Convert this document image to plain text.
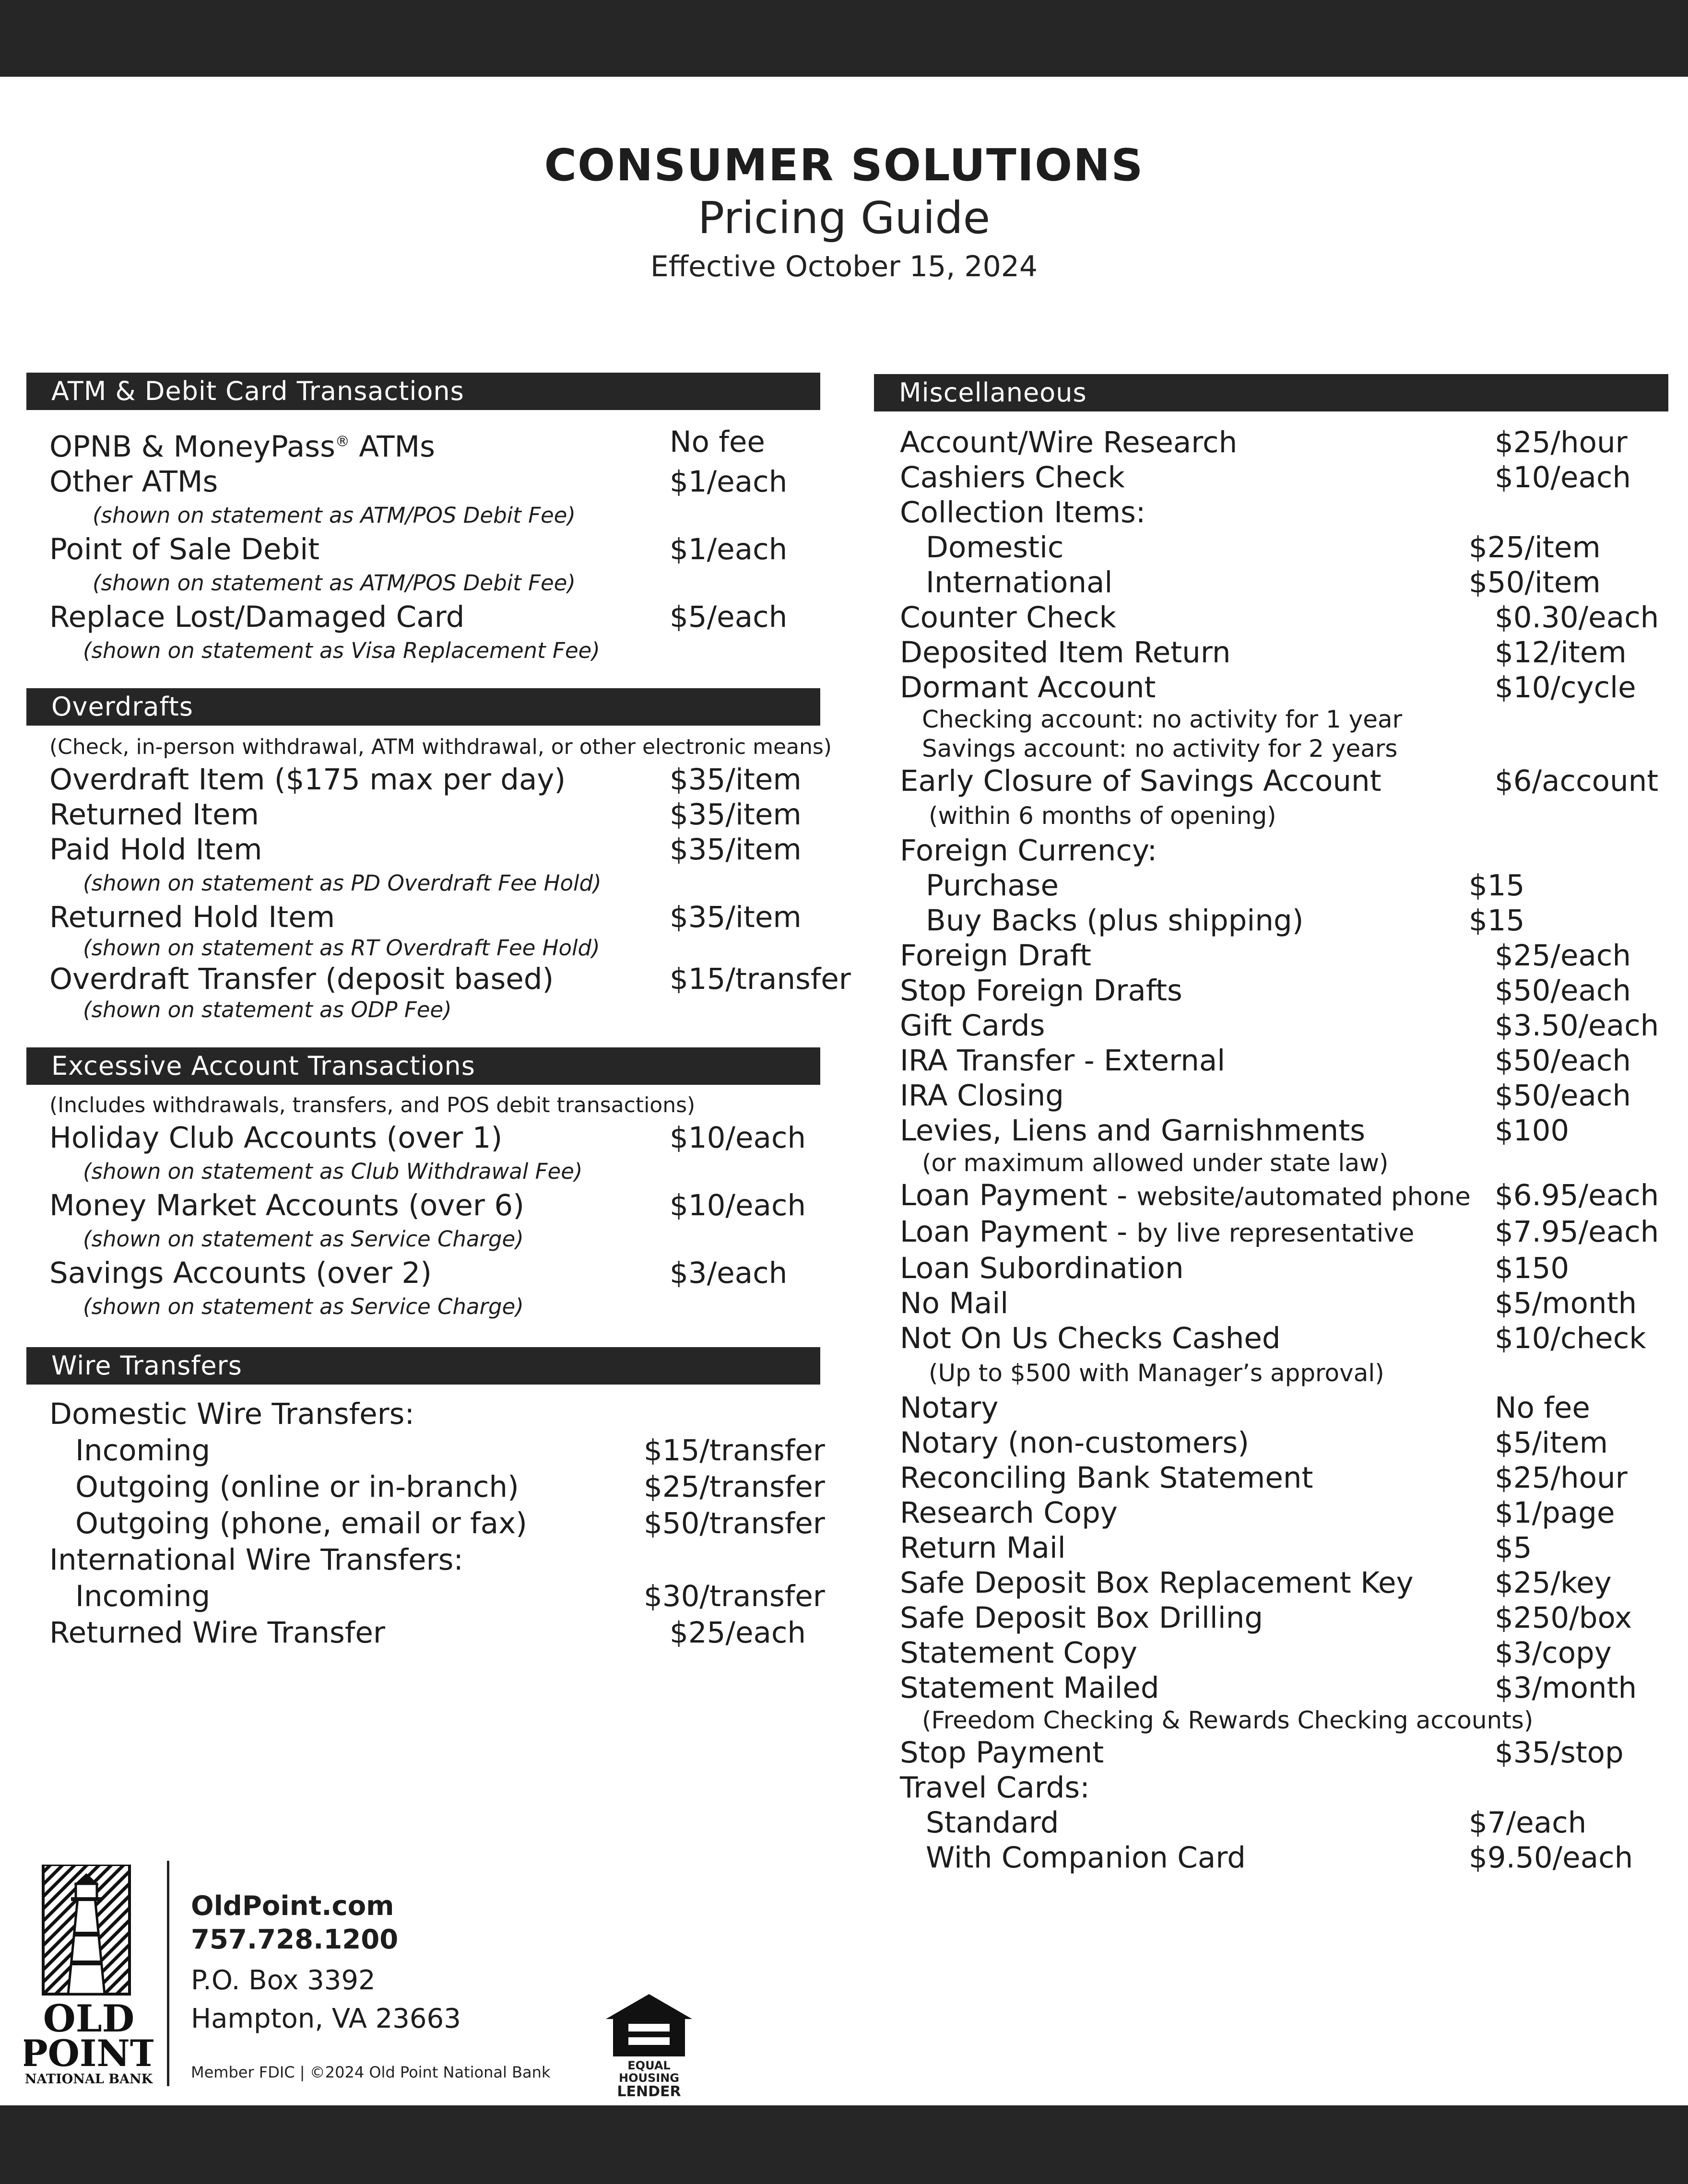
CONSUMER SOLUTIONS
Pricing Guide
Effective October 15, 2024
ATM & Debit Card Transactions
OPNB & MoneyPass® ATMs	No fee
Other ATMs	$1/each
(shown on statement as ATM/POS Debit Fee)
Point of Sale Debit	$1/each
(shown on statement as ATM/POS Debit Fee)
Replace Lost/Damaged Card	$5/each
(shown on statement as Visa Replacement Fee)
Overdrafts
(Check, in-person withdrawal, ATM withdrawal, or other electronic means)
Overdraft Item ($175 max per day)	$35/item
Returned Item	$35/item
Paid Hold Item	$35/item
(shown on statement as PD Overdraft Fee Hold)
Returned Hold Item	$35/item
(shown on statement as RT Overdraft Fee Hold)
Overdraft Transfer (deposit based)	$15/transfer
(shown on statement as ODP Fee)
Excessive Account Transactions
(Includes withdrawals, transfers, and POS debit transactions)
Holiday Club Accounts (over 1)	$10/each
(shown on statement as Club Withdrawal Fee)
Money Market Accounts (over 6)	$10/each
(shown on statement as Service Charge)
Savings Accounts (over 2)	$3/each
(shown on statement as Service Charge)
Wire Transfers
Domestic Wire Transfers:
Incoming	$15/transfer
Outgoing (online or in-branch)	$25/transfer
Outgoing (phone, email or fax)	$50/transfer
International Wire Transfers:
Incoming	$30/transfer
Returned Wire Transfer	$25/each
Miscellaneous
Account/Wire Research	$25/hour
Cashiers Check	$10/each
Collection Items:
Domestic	$25/item
International	$50/item
Counter Check	$0.30/each
Deposited Item Return	$12/item
Dormant Account	$10/cycle
Checking account: no activity for 1 year
Savings account: no activity for 2 years
Early Closure of Savings Account	$6/account
(within 6 months of opening)
Foreign Currency:
Purchase	$15
Buy Backs (plus shipping)	$15
Foreign Draft	$25/each
Stop Foreign Drafts	$50/each
Gift Cards	$3.50/each
IRA Transfer - External	$50/each
IRA Closing	$50/each
Levies, Liens and Garnishments	$100
(or maximum allowed under state law)
Loan Payment - website/automated phone $6.95/each
Loan Payment - by live representative	$7.95/each
Loan Subordination	$150
No Mail	$5/month
Not On Us Checks Cashed	$10/check
(Up to $500 with Manager’s approval)
Notary	No fee
Notary (non-customers)	$5/item
Reconciling Bank Statement	$25/hour
Research Copy	$1/page
Return Mail	$5
Safe Deposit Box Replacement Key	$25/key
Safe Deposit Box Drilling	$250/box
Statement Copy	$3/copy
Statement Mailed	$3/month
(Freedom Checking & Rewards Checking accounts)
Stop Payment	$35/stop
Travel Cards:
Standard	$7/each
With Companion Card	$9.50/each
OLD
POINT
NATIONAL BANK
OldPoint.com
757.728.1200
P.O. Box 3392
Hampton, VA 23663
Member FDIC | ©2024 Old Point National Bank	EQUAL HOUSING
LENDER
